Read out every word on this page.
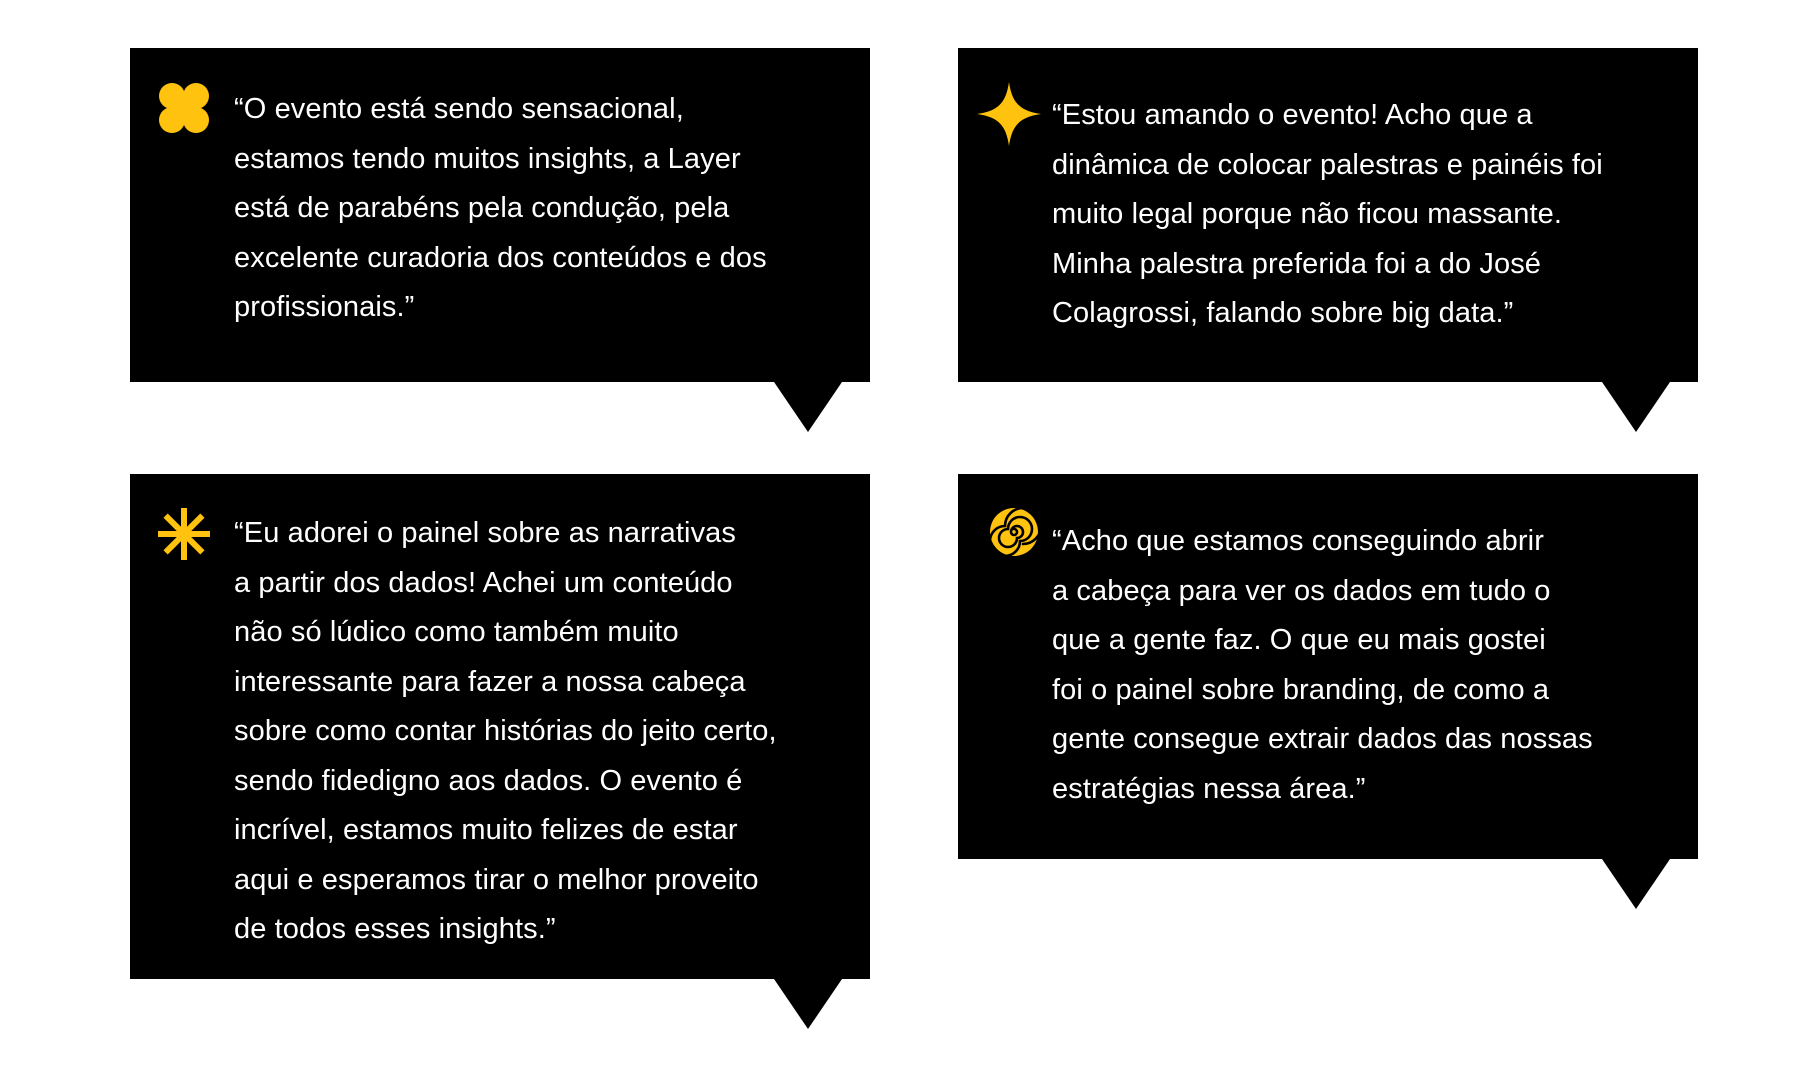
“O evento está sendo sensacional,
estamos tendo muitos insights, a Layer
está de parabéns pela condução, pela
excelente curadoria dos conteúdos e dos
profissionais.”

“Estou amando o evento! Acho que a
dinâmica de colocar palestras e painéis foi
muito legal porque não ficou massante.
Minha palestra preferida foi a do José
Colagrossi, falando sobre big data.”

“Eu adorei o painel sobre as narrativas
a partir dos dados! Achei um conteúdo
não só lúdico como também muito
interessante para fazer a nossa cabeça
sobre como contar histórias do jeito certo,
sendo fidedigno aos dados. O evento é
incrível, estamos muito felizes de estar
aqui e esperamos tirar o melhor proveito
de todos esses insights.”

“Acho que estamos conseguindo abrir
a cabeça para ver os dados em tudo o
que a gente faz. O que eu mais gostei
foi o painel sobre branding, de como a
gente consegue extrair dados das nossas
estratégias nessa área.”
